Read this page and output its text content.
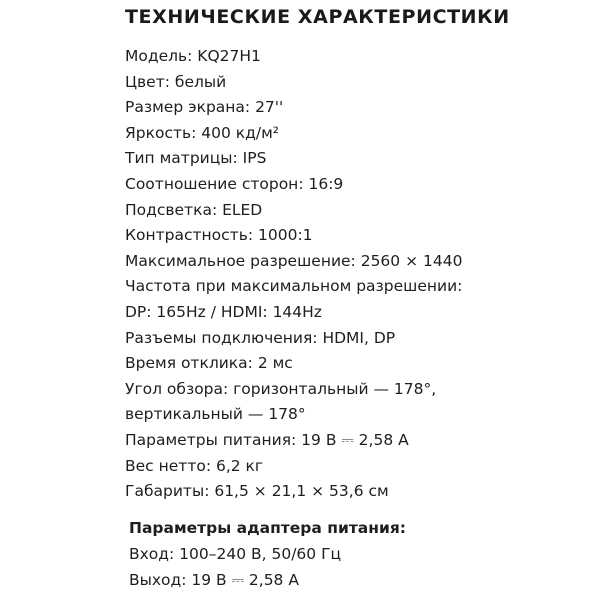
ТЕХНИЧЕСКИЕ ХАРАКТЕРИСТИКИ
Модель: KQ27H1
Цвет: белый
Размер экрана: 27''
Яркость: 400 кд/м²
Тип матрицы: IPS
Соотношение сторон: 16:9
Подсветка: ELED
Контрастность: 1000:1
Максимальное разрешение: 2560 × 1440
Частота при максимальном разрешении:
DP: 165Hz / HDMI: 144Hz
Разъемы подключения: HDMI, DP
Время отклика: 2 мс
Угол обзора: горизонтальный — 178°,
вертикальный — 178°
Параметры питания: 19 В ⎓ 2,58 А
Вес нетто: 6,2 кг
Габариты: 61,5 × 21,1 × 53,6 см
Параметры адаптера питания:
Вход: 100–240 В, 50/60 Гц
Выход: 19 В ⎓ 2,58 А
